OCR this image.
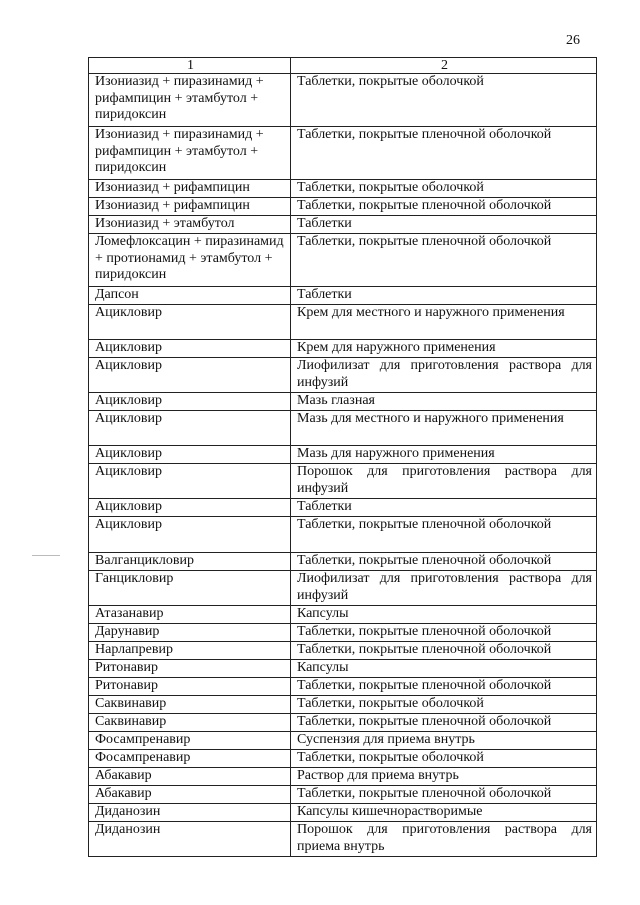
26
1	2
Изониазид + пиразинамид + рифампицин + этамбутол + пиридоксин	Таблетки, покрытые оболочкой
Изониазид + пиразинамид + рифампицин + этамбутол + пиридоксин	Таблетки, покрытые пленочной оболочкой
Изониазид + рифампицин	Таблетки, покрытые оболочкой
Изониазид + рифампицин	Таблетки, покрытые пленочной оболочкой
Изониазид + этамбутол	Таблетки
Ломефлоксацин + пиразинамид + протионамид + этамбутол + пиридоксин	Таблетки, покрытые пленочной оболочкой
Дапсон	Таблетки
Ацикловир	Крем для местного и наружного применения
Ацикловир	Крем для наружного применения
Ацикловир	Лиофилизат для приготовления раствора для инфузий
Ацикловир	Мазь глазная
Ацикловир	Мазь для местного и наружного применения
Ацикловир	Мазь для наружного применения
Ацикловир	Порошок для приготовления раствора для инфузий
Ацикловир	Таблетки
Ацикловир	Таблетки, покрытые пленочной оболочкой
Валганцикловир	Таблетки, покрытые пленочной оболочкой
Ганцикловир	Лиофилизат для приготовления раствора для инфузий
Атазанавир	Капсулы
Дарунавир	Таблетки, покрытые пленочной оболочкой
Нарлапревир	Таблетки, покрытые пленочной оболочкой
Ритонавир	Капсулы
Ритонавир	Таблетки, покрытые пленочной оболочкой
Саквинавир	Таблетки, покрытые оболочкой
Саквинавир	Таблетки, покрытые пленочной оболочкой
Фосампренавир	Суспензия для приема внутрь
Фосампренавир	Таблетки, покрытые оболочкой
Абакавир	Раствор для приема внутрь
Абакавир	Таблетки, покрытые пленочной оболочкой
Диданозин	Капсулы кишечнорастворимые
Диданозин	Порошок для приготовления раствора для приема внутрь
